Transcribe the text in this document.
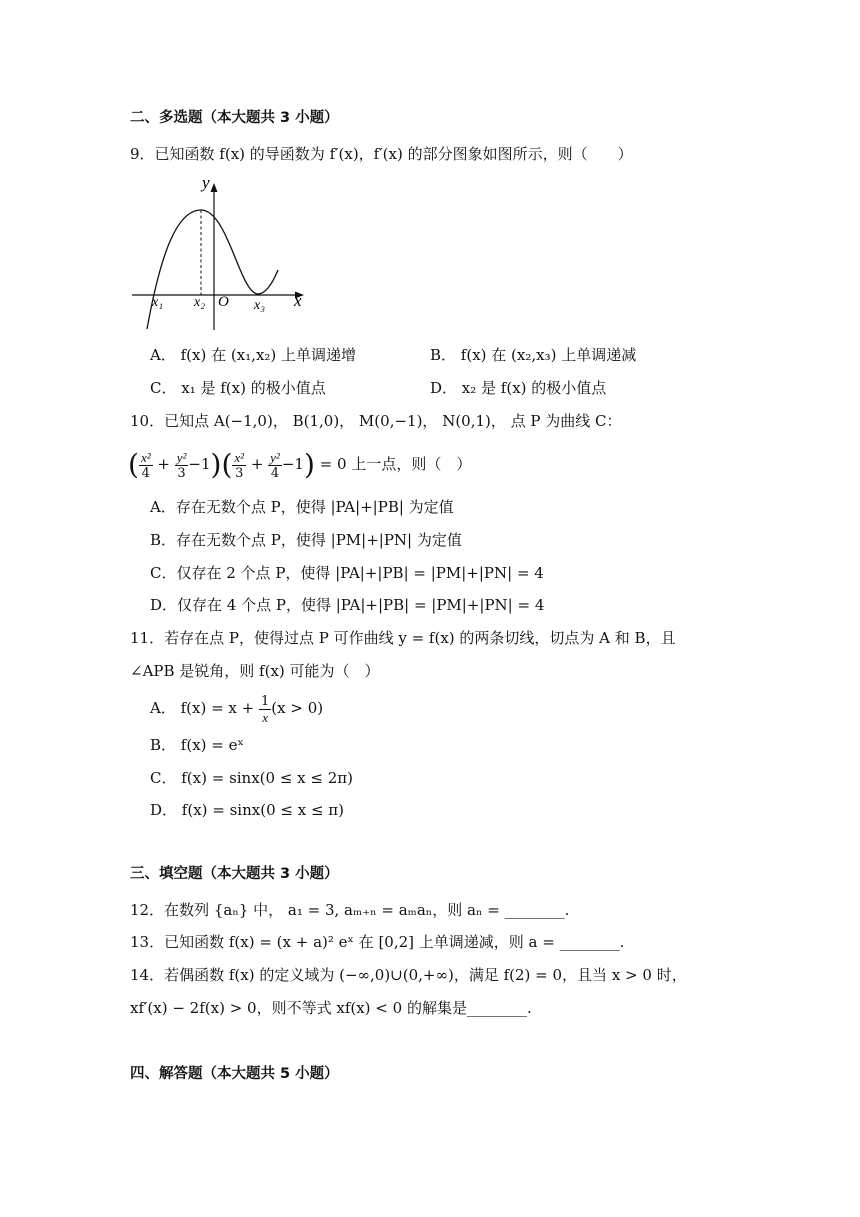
二、多选题（本大题共 3 小题）
9．已知函数 f(x) 的导函数为 f′(x)，f′(x) 的部分图象如图所示，则（　　）
y
x
x₁ x₂ O x₃
A． f(x) 在 (x₁,x₂) 上单调递增	B． f(x) 在 (x₂,x₃) 上单调递减
C． x₁ 是 f(x) 的极小值点	D． x₂ 是 f(x) 的极小值点
10．已知点 A(−1,0)， B(1,0)， M(0,−1)， N(0,1)， 点 P 为曲线 C：
( $\frac{\text{x²}}{4} + \frac{\text{y²}}{3} -1)( \frac{\text{x²}}{3} + \frac{\text{y²}}{4} -1) = 0$ 上一点，则（　）
A．存在无数个点 P，使得 |PA|+|PB| 为定值
B．存在无数个点 P，使得 |PM|+|PN| 为定值
C．仅存在 2 个点 P，使得 |PA|+|PB| = |PM|+|PN| = 4
D．仅存在 4 个点 P，使得 |PA|+|PB| = |PM|+|PN| = 4
11．若存在点 P，使得过点 P 可作曲线 y = f(x) 的两条切线，切点为 A 和 B，且
∠APB 是锐角，则 f(x) 可能为（　）
A． $f(x) = x + \frac{1}{x} (x > 0)$
B． f(x) = eˣ
C． f(x) = sinx(0 ≤ x ≤ 2π)
D． f(x) = sinx(0 ≤ x ≤ π)
三、填空题（本大题共 3 小题）
12．在数列 {aₙ} 中， a₁ = 3, aₘ₊ₙ = aₘaₙ，则 aₙ = ________.
13．已知函数 f(x) = (x + a)² eˣ 在 [0,2] 上单调递减，则 a = ________.
14．若偶函数 f(x) 的定义域为 (−∞,0)∪(0,+∞)，满足 f(2) = 0，且当 x > 0 时，
xf′(x) − 2f(x) > 0，则不等式 xf(x) < 0 的解集是________.
四、解答题（本大题共 5 小题）
